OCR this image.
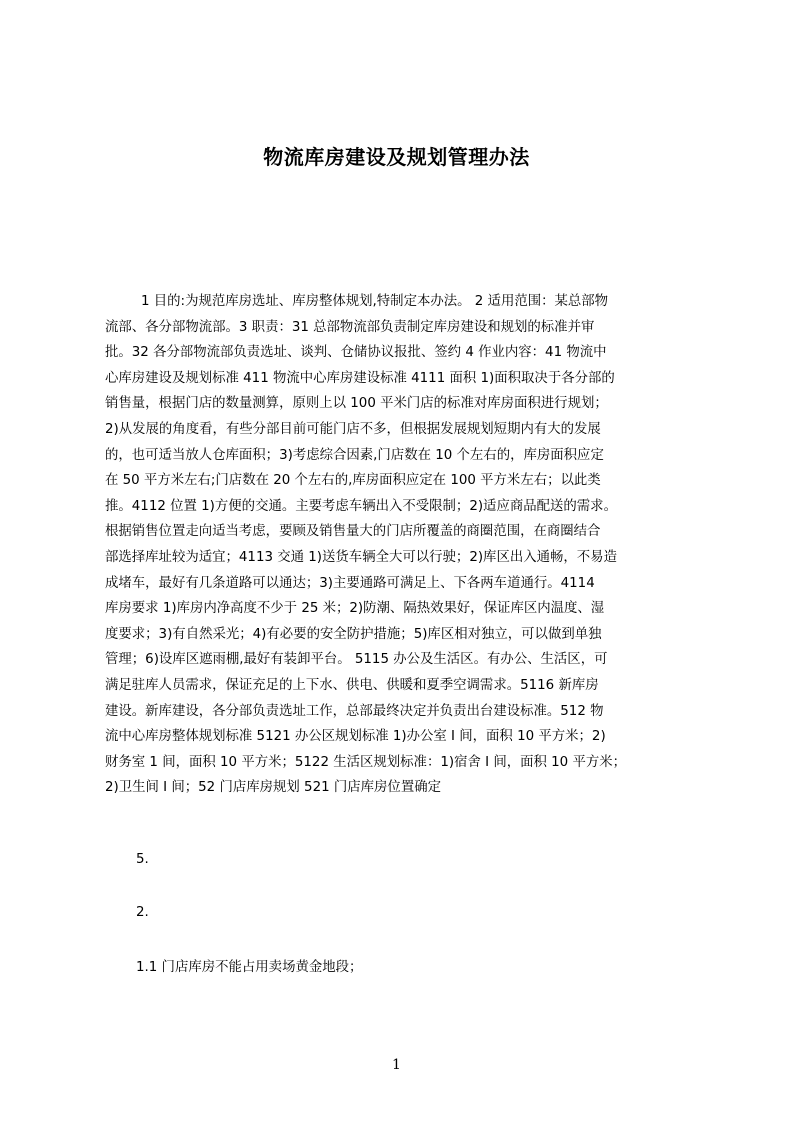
物流库房建设及规划管理办法
1 目的:为规范库房选址、库房整体规划,特制定本办法。 2 适用范围：某总部物
流部、各分部物流部。3 职责：31 总部物流部负责制定库房建设和规划的标准并审
批。32 各分部物流部负责选址、谈判、仓储协议报批、签约 4 作业内容：41 物流中
心库房建设及规划标准 411 物流中心库房建设标准 4111 面积 1)面积取决于各分部的
销售量，根据门店的数量测算，原则上以 100 平米门店的标准对库房面积进行规划；
2)从发展的角度看，有些分部目前可能门店不多，但根据发展规划短期内有大的发展
的，也可适当放人仓库面积；3)考虑综合因素,门店数在 10 个左右的，库房面积应定
在 50 平方米左右;门店数在 20 个左右的,库房面积应定在 100 平方米左右；以此类
推。4112 位置 1)方便的交通。主要考虑车辆出入不受限制；2)适应商品配送的需求。
根据销售位置走向适当考虑，要顾及销售量大的门店所覆盖的商圈范围，在商圈结合
部选择库址较为适宜；4113 交通 1)送货车辆全大可以行驶；2)库区出入通畅，不易造
成堵车，最好有几条道路可以通达；3)主要通路可满足上、下各两车道通行。4114
库房要求 1)库房内净高度不少于 25 米；2)防潮、隔热效果好，保证库区内温度、湿
度要求；3)有自然采光；4)有必要的安全防护措施；5)库区相对独立，可以做到单独
管理；6)设库区遮雨棚,最好有装卸平台。 5115 办公及生活区。有办公、生活区，可
满足驻库人员需求，保证充足的上下水、供电、供暖和夏季空调需求。5116 新库房
建设。新库建设，各分部负责选址工作，总部最终决定并负责出台建设标准。512 物
流中心库房整体规划标准 5121 办公区规划标准 1)办公室 I 间，面积 10 平方米；2)
财务室 1 间，面积 10 平方米；5122 生活区规划标准：1)宿舍 I 间，面积 10 平方米；
2)卫生间 I 间；52 门店库房规划 521 门店库房位置确定
5.
2.
1.1 门店库房不能占用卖场黄金地段；
1
